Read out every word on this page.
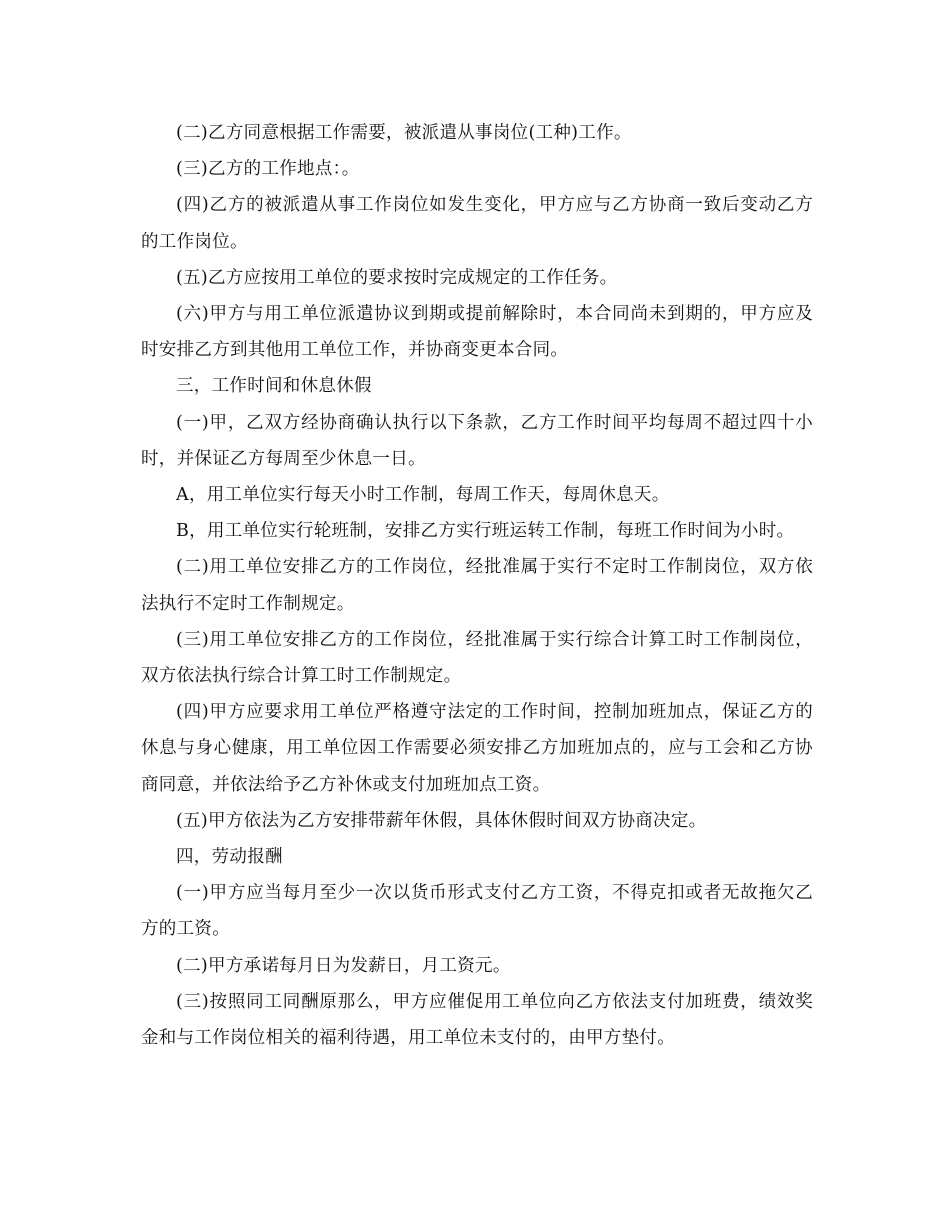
(二)乙方同意根据工作需要，被派遣从事岗位(工种)工作。

(三)乙方的工作地点：。

(四)乙方的被派遣从事工作岗位如发生变化，甲方应与乙方协商一致后变动乙方的工作岗位。

(五)乙方应按用工单位的要求按时完成规定的工作任务。

(六)甲方与用工单位派遣协议到期或提前解除时，本合同尚未到期的，甲方应及时安排乙方到其他用工单位工作，并协商变更本合同。

三，工作时间和休息休假

(一)甲，乙双方经协商确认执行以下条款，乙方工作时间平均每周不超过四十小时，并保证乙方每周至少休息一日。

A，用工单位实行每天小时工作制，每周工作天，每周休息天。

B，用工单位实行轮班制，安排乙方实行班运转工作制，每班工作时间为小时。

(二)用工单位安排乙方的工作岗位，经批准属于实行不定时工作制岗位，双方依法执行不定时工作制规定。

(三)用工单位安排乙方的工作岗位，经批准属于实行综合计算工时工作制岗位，双方依法执行综合计算工时工作制规定。

(四)甲方应要求用工单位严格遵守法定的工作时间，控制加班加点，保证乙方的休息与身心健康，用工单位因工作需要必须安排乙方加班加点的，应与工会和乙方协商同意，并依法给予乙方补休或支付加班加点工资。

(五)甲方依法为乙方安排带薪年休假，具体休假时间双方协商决定。

四，劳动报酬

(一)甲方应当每月至少一次以货币形式支付乙方工资，不得克扣或者无故拖欠乙方的工资。

(二)甲方承诺每月日为发薪日，月工资元。

(三)按照同工同酬原那么，甲方应催促用工单位向乙方依法支付加班费，绩效奖金和与工作岗位相关的福利待遇，用工单位未支付的，由甲方垫付。
